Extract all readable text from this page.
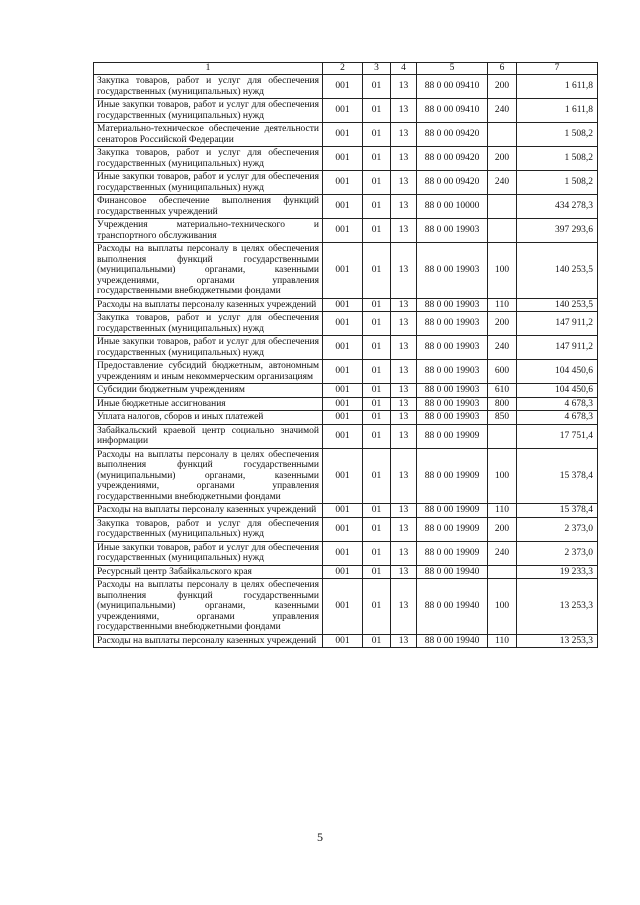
1	2	3	4	5	6	7
Закупка товаров, работ и услуг для обеспечения государственных (муниципальных) нужд	001	01	13	88 0 00 09410	200	1 611,8
Иные закупки товаров, работ и услуг для обеспечения государственных (муниципальных) нужд	001	01	13	88 0 00 09410	240	1 611,8
Материально-техническое обеспечение деятельности сенаторов Российской Федерации	001	01	13	88 0 00 09420		1 508,2
Закупка товаров, работ и услуг для обеспечения государственных (муниципальных) нужд	001	01	13	88 0 00 09420	200	1 508,2
Иные закупки товаров, работ и услуг для обеспечения государственных (муниципальных) нужд	001	01	13	88 0 00 09420	240	1 508,2
Финансовое обеспечение выполнения функций государственных учреждений	001	01	13	88 0 00 10000		434 278,3
Учреждения материально-технического и транспортного обслуживания	001	01	13	88 0 00 19903		397 293,6
Расходы на выплаты персоналу в целях обеспечения выполнения функций государственными (муниципальными) органами, казенными учреждениями, органами управления государственными внебюджетными фондами	001	01	13	88 0 00 19903	100	140 253,5
Расходы на выплаты персоналу казенных учреждений	001	01	13	88 0 00 19903	110	140 253,5
Закупка товаров, работ и услуг для обеспечения государственных (муниципальных) нужд	001	01	13	88 0 00 19903	200	147 911,2
Иные закупки товаров, работ и услуг для обеспечения государственных (муниципальных) нужд	001	01	13	88 0 00 19903	240	147 911,2
Предоставление субсидий бюджетным, автономным учреждениям и иным некоммерческим организациям	001	01	13	88 0 00 19903	600	104 450,6
Субсидии бюджетным учреждениям	001	01	13	88 0 00 19903	610	104 450,6
Иные бюджетные ассигнования	001	01	13	88 0 00 19903	800	4 678,3
Уплата налогов, сборов и иных платежей	001	01	13	88 0 00 19903	850	4 678,3
Забайкальский краевой центр социально значимой информации	001	01	13	88 0 00 19909		17 751,4
Расходы на выплаты персоналу в целях обеспечения выполнения функций государственными (муниципальными) органами, казенными учреждениями, органами управления государственными внебюджетными фондами	001	01	13	88 0 00 19909	100	15 378,4
Расходы на выплаты персоналу казенных учреждений	001	01	13	88 0 00 19909	110	15 378,4
Закупка товаров, работ и услуг для обеспечения государственных (муниципальных) нужд	001	01	13	88 0 00 19909	200	2 373,0
Иные закупки товаров, работ и услуг для обеспечения государственных (муниципальных) нужд	001	01	13	88 0 00 19909	240	2 373,0
Ресурсный центр Забайкальского края	001	01	13	88 0 00 19940		19 233,3
Расходы на выплаты персоналу в целях обеспечения выполнения функций государственными (муниципальными) органами, казенными учреждениями, органами управления государственными внебюджетными фондами	001	01	13	88 0 00 19940	100	13 253,3
Расходы на выплаты персоналу казенных учреждений	001	01	13	88 0 00 19940	110	13 253,3
5
